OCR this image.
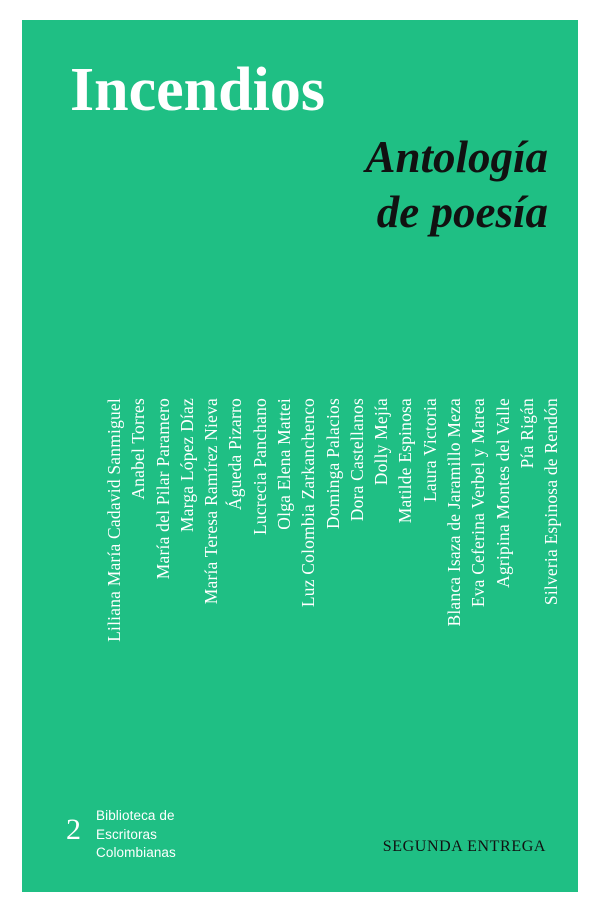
Incendios
Antología
de poesía
Silveria Espinosa de Rendón
Pía Rigán
Agripina Montes del Valle
Eva Ceferina Verbel y Marea
Blanca Isaza de Jaramillo Meza
Laura Victoria
Matilde Espinosa
Dolly Mejía
Dora Castellanos
Dominga Palacios
Luz Colombia Zarkanchenco
Olga Elena Mattei
Lucrecia Panchano
Águeda Pizarro
María Teresa Ramírez Nieva
Marga López Díaz
María del Pilar Paramero
Anabel Torres
Liliana María Cadavid Sanmiguel
2 Biblioteca de
Escritoras
Colombianas	SEGUNDA ENTREGA
